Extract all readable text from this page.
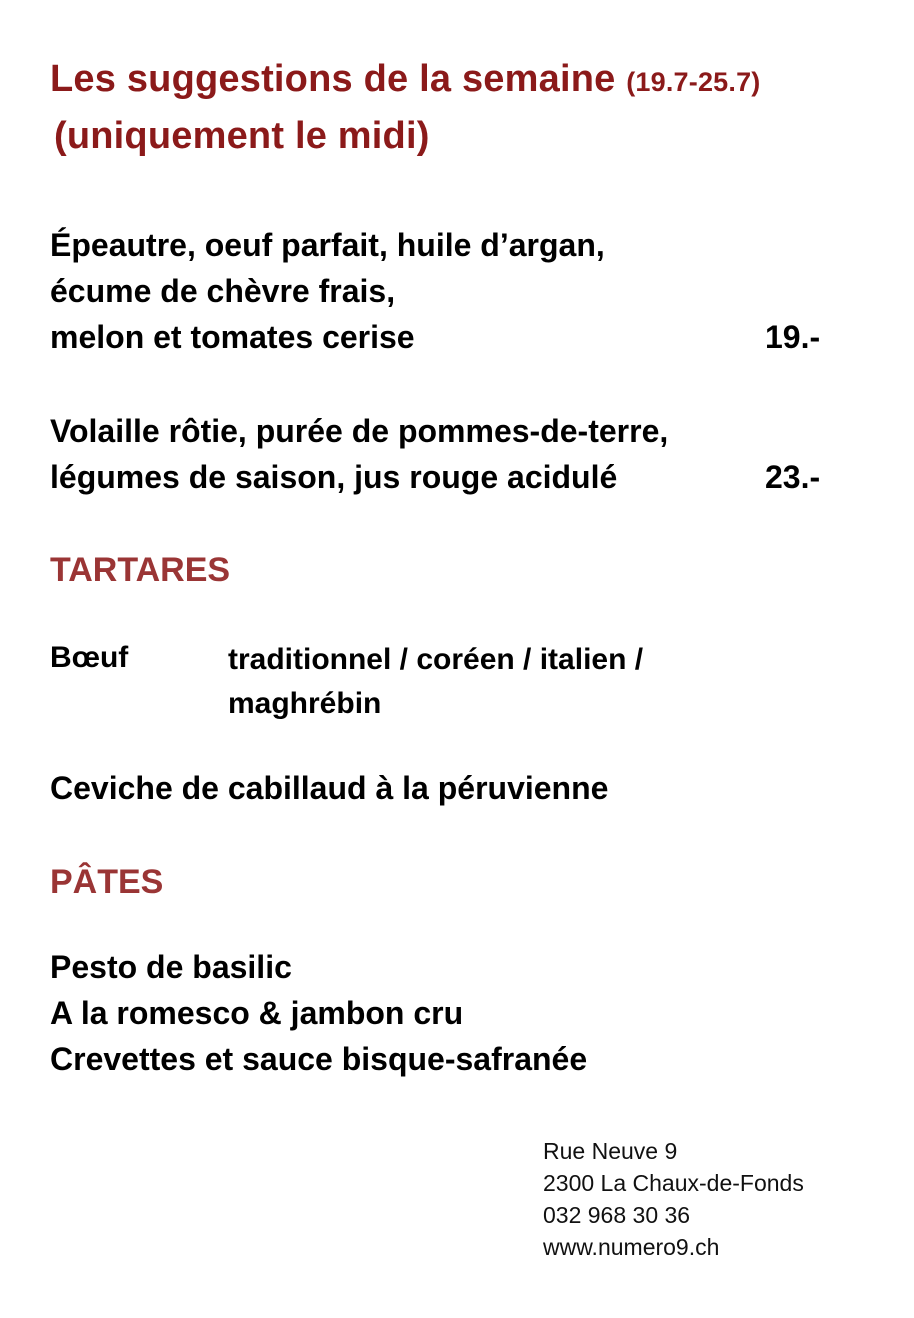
Les suggestions de la semaine (19.7-25.7)
(uniquement le midi)
Épeautre, oeuf parfait, huile d’argan,
écume de chèvre frais,
melon et tomates cerise	19.-
Volaille rôtie, purée de pommes-de-terre,
légumes de saison, jus rouge acidulé	23.-
TARTARES
Bœuf	traditionnel / coréen / italien /
maghrébin
Ceviche de cabillaud à la péruvienne
PÂTES
Pesto de basilic
A la romesco & jambon cru
Crevettes et sauce bisque-safranée
Rue Neuve 9
2300 La Chaux-de-Fonds
032 968 30 36
www.numero9.ch
